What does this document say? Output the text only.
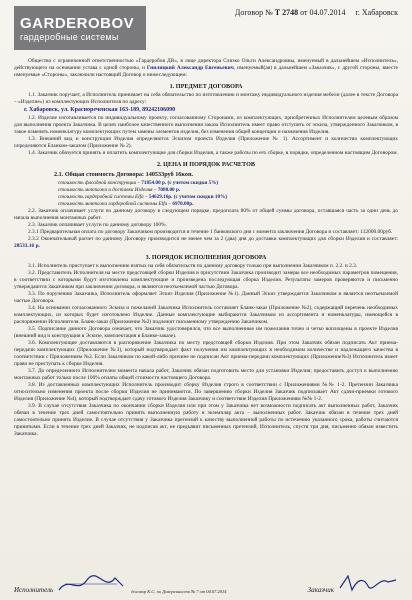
GARDEROBOV
гардеробные системы
Договор № Т 2748 от 04.07.2014 г. Хабаровск

Общество с ограниченной ответственностью «Гардеробов ДВ», в лице директора Слизко Ольги Александровны, именуемый в дальнейшем «Исполнитель», действующего на основании устава с одной стороны, и Гнилицкий Александр Евгеньевич, именуемый(ая) в дальнейшем «Заказчик», с другой стороны, вместе именуемые «Стороны», заключили настоящий Договор о нижеследующем:

1. ПРЕДМЕТ ДОГОВОРА

1.1. Заказчик поручает, а Исполнитель принимает на себя обязательство по изготовлению и монтажу индивидуального изделия мебели (далее в тексте Договора – «Изделие») из комплектующих Исполнителя по адресу:

г. Хабаровск, ул. Краснореченская 163-189, 89242106090

1.2. Изделие изготавливается по индивидуальному проекту, согласованному Сторонами, из комплектующих, приобретенных Исполнителем целевым образом для выполнения проекта Заказчика. В целях наиболее качественного выполнения заказа Исполнитель имеет право отступить от эскиза, утвержденного Заказчиком, в такое изменять номенклатуру комплектующих путем замены элементов изделия, без изменения общей концепции и назначения Изделия.

1.3. Внешний вид и конструкция Изделия определяются Эскизом проекта Изделия (Приложение № 1). Ассортимент и количество комплектующих определяются Бланком-заказом (Приложение № 2).

1.4. Заказчик обязуется принять и оплатить комплектующие для сборки Изделия, а также работы по его сборке, в порядке, определенном настоящим Договором.

2. ЦЕНА И ПОРЯДОК РАСЧЕТОВ
2.1. Общая стоимость Договора: 140533руб 16коп.
стоимость фасадной конструкции – 71854.00 р. (с учетом скидки 5%)
стоимость монтажа и доставки Изделия – 7080.00 р.
стоимость гардеробной системы Elfa – 54629.16р. (с учетом скидки 10%)
стоимость монтажа гардеробной системы Elfa – 6970.00р.

2.2. Заказчик оплачивает услуги по данному договору в следующем порядке, предоплата 80% от общей суммы договора, оставшаяся часть за одни день до начала выполнения монтажных работ.

2.3. Заказчик оплачивает услуги по данному договору 100%.

2.3.1 Предварительная оплата по договору Заказчиком производится в течение 1 банковского дня с момента заключения Договора и составляет: 112000.00руб.

2.3.2 Окончательный расчет по данному Договору производится не менее чем за 2 (два) дня до доставки комплектующих для сборки Изделия и составляет: 28533.16 р.

3. ПОРЯДОК ИСПОЛНЕНИЯ ДОГОВОРА

3.1. Исполнитель приступает к выполнению взятых на себя обязательств по данному договору только при выполнении Заказчиком п. 2.2. и 2.3.

3.2. Представитель Исполнителя на месте предстоящей сборки Изделия в присутствии Заказчика производит замеры все необходимых параметров помещения, в соответствии с которыми будут изготовлены комплектующие и произведена последующая сборка Изделия. Результаты замеров проверяются и письменно утверждаются Заказчиком при заключении договора, и являются неотъемлемой частью Договора.

3.3. По поручению Заказчика, Исполнитель оформляет Эскиз Изделия (Приложение №1). Данный Эскиз утверждается Заказчиком и является неотъемлемой частью Договора.

3.4. На основании согласованного Эскиза и пожеланий Заказчика Исполнитель составляет Бланк-заказ (Приложение №2), содержащий перечень необходимых комплектующих, из которых будет изготовлено Изделие. Данные комплектующие выбираются Заказчиком из ассортимента и номенклатуры, имеющейся в распоряжении Исполнителя. Бланк-заказ (Приложение №2) подлежит письменному утверждению Заказчиком.

3.5. Подписание данного Договора означает, что Заказчик удостоверился, что все выполненные им пожелания точно и четко воплощены в проекте Изделия (внешний вид и конструкция в Эскизе, комплектация в Бланке-заказе).

3.6. Комплектующие доставляются в распоряжение Заказчика по месту предстоящей сборки Изделия. При этом Заказчик обязан подписать Акт приема-передачи комплектующих (Приложение №3), который подтверждает факт получения им комплектующих в необходимом количестве и надлежащего качества в соответствии с Приложением №2. Если Заказчиком по какой-либо причине не подписан Акт приема-передачи комплектующих (Приложение№3) Исполнитель имеет право не приступать к сборке Изделия.

3.7. До определенного Исполнителем момента начала работ, Заказчик обязан подготовить место для установки Изделия; предоставить доступ к выполнению монтажных работ только после 100% оплаты общей стоимости настоящего Договора.

3.8. Из доставленных комплектующих Исполнитель производит сборку Изделия строго в соответствии с Приложениями №№ 1-2. Претензии Заказчика относительно изменения проекта после сборки Изделия не принимаются. По завершению сборки Изделия Заказчик подписывает Акт сдачи-приемки готового Изделия (Приложение №4), который подтверждает сдачу готового Изделия Заказчику и соответствие Изделия Приложениям №№ 1-2.

3.9. В случае отсутствия Заказчика по окончании сборки Изделия или при этом у Заказчика нет возможности подписать акт выполненных работ, Заказчик обязан в течение трех дней самостоятельно принять выполненную работу в экземпляр акта – выполненных работ. Заказчик обязан в течение трех дней самостоятельно принять Изделие. В случае отсутствия у Заказчика претензий к качеству выполненной работы по истечению указанного срока, работы считаются принятыми. Если в течение трех дней Заказчик, не подписав акт, не предъявит письменных претензий, Исполнитель, спустя три дня, письменно обязан известить Заказчика.

Исполнитель	договор К.С. по Доверенности № 7 от 04.07.2014	Заказчик
